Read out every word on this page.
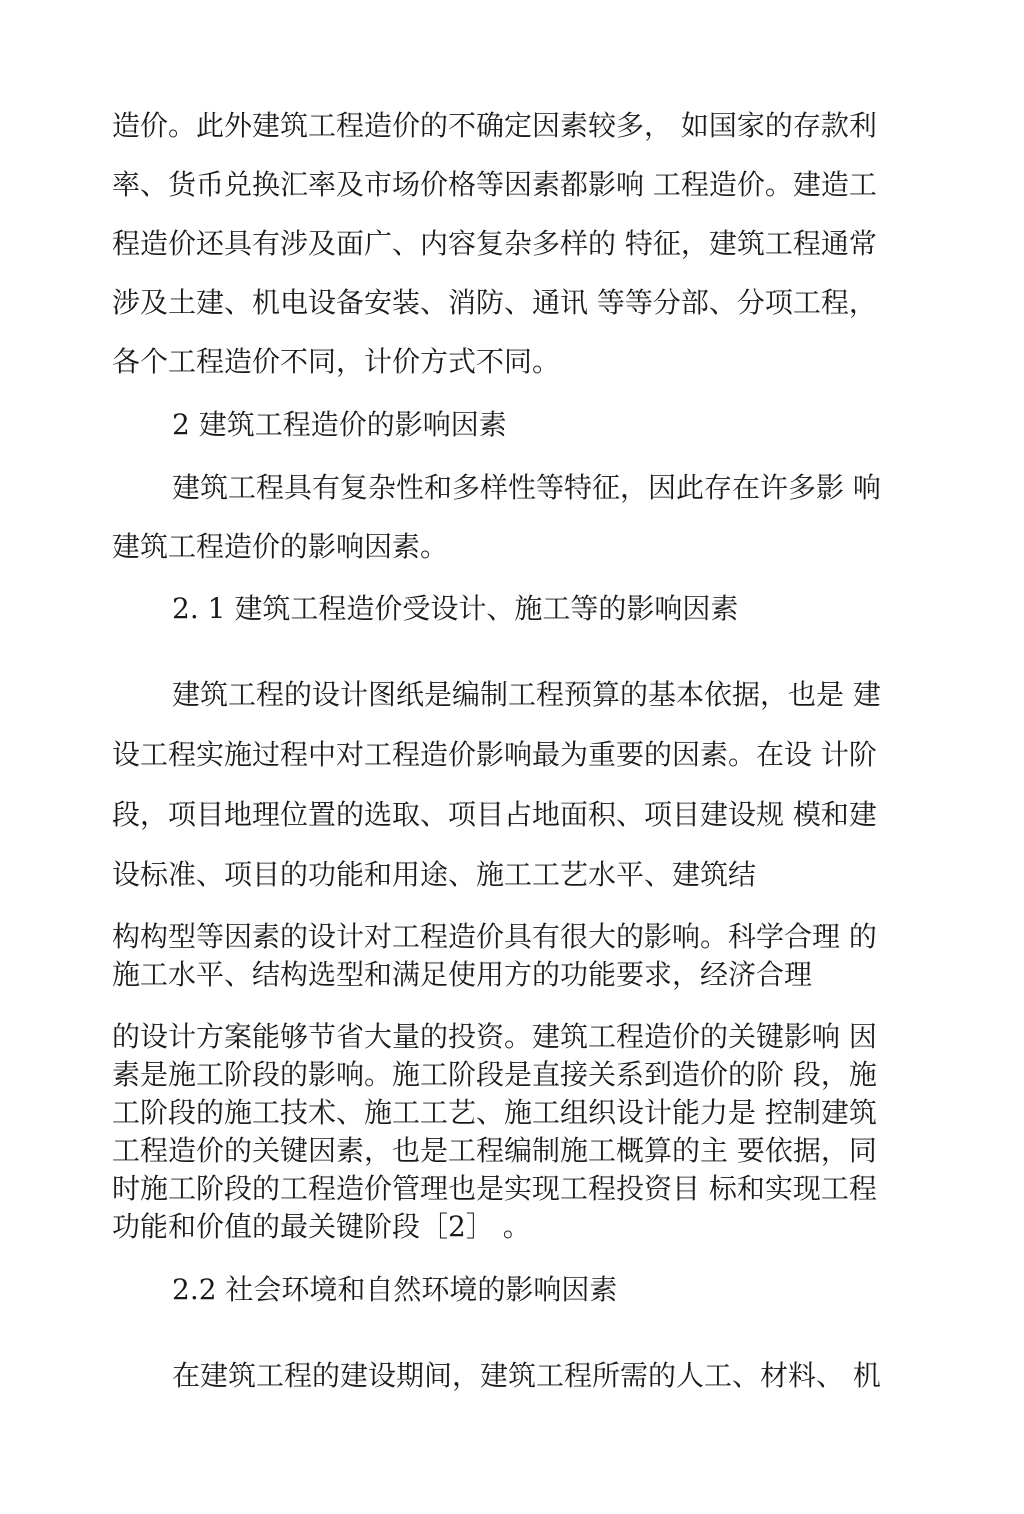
造价。此外建筑工程造价的不确定因素较多， 如国家的存款利
率、货币兑换汇率及市场价格等因素都影响 工程造价。建造工
程造价还具有涉及面广、内容复杂多样的 特征，建筑工程通常
涉及土建、机电设备安装、消防、通讯 等等分部、分项工程，
各个工程造价不同，计价方式不同。
2 建筑工程造价的影响因素
建筑工程具有复杂性和多样性等特征，因此存在许多影 响
建筑工程造价的影响因素。
2. 1 建筑工程造价受设计、施工等的影响因素
建筑工程的设计图纸是编制工程预算的基本依据，也是 建
设工程实施过程中对工程造价影响最为重要的因素。在设 计阶
段，项目地理位置的选取、项目占地面积、项目建设规 模和建
设标准、项目的功能和用途、施工工艺水平、建筑结
构构型等因素的设计对工程造价具有很大的影响。科学合理 的
施工水平、结构选型和满足使用方的功能要求，经济合理
的设计方案能够节省大量的投资。建筑工程造价的关键影响 因
素是施工阶段的影响。施工阶段是直接关系到造价的阶 段，施
工阶段的施工技术、施工工艺、施工组织设计能力是 控制建筑
工程造价的关键因素，也是工程编制施工概算的主 要依据，同
时施工阶段的工程造价管理也是实现工程投资目 标和实现工程
功能和价值的最关键阶段［2］ 。
2.2 社会环境和自然环境的影响因素
在建筑工程的建设期间，建筑工程所需的人工、材料、 机
